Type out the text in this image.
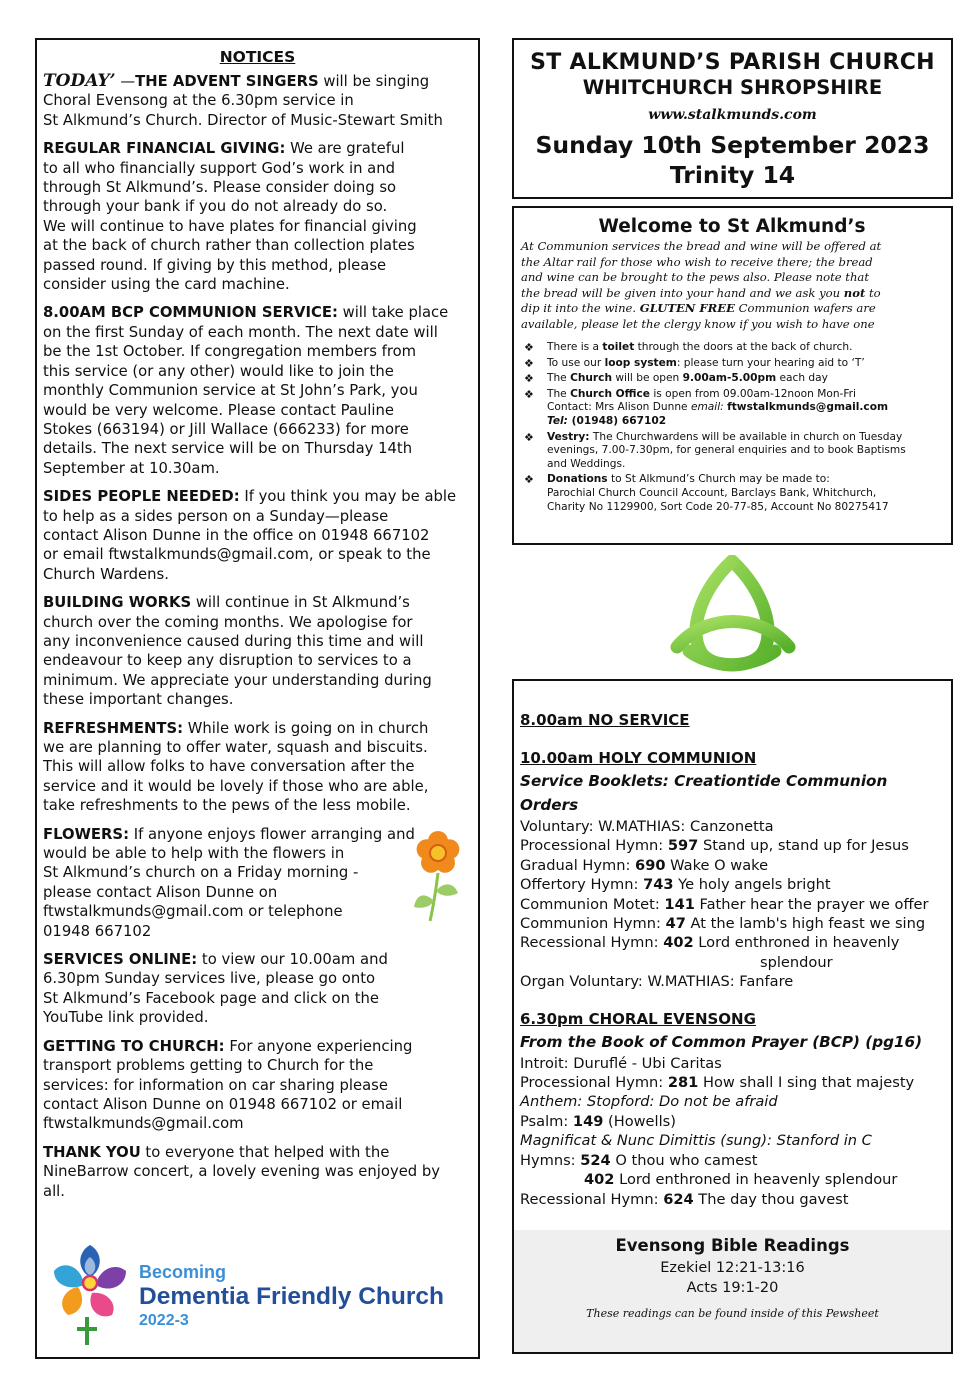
NOTICES
TODAY’ —THE ADVENT SINGERS will be singing
Choral Evensong at the 6.30pm service in
St Alkmund’s Church. Director of Music-Stewart Smith
REGULAR FINANCIAL GIVING: We are grateful
to all who financially support God’s work in and
through St Alkmund’s. Please consider doing so
through your bank if you do not already do so.
We will continue to have plates for financial giving
at the back of church rather than collection plates
passed round. If giving by this method, please
consider using the card machine.
8.00AM BCP COMMUNION SERVICE: will take place
on the first Sunday of each month. The next date will
be the 1st October. If congregation members from
this service (or any other) would like to join the
monthly Communion service at St John’s Park, you
would be very welcome. Please contact Pauline
Stokes (663194) or Jill Wallace (666233) for more
details. The next service will be on Thursday 14th
September at 10.30am.
SIDES PEOPLE NEEDED: If you think you may be able
to help as a sides person on a Sunday—please
contact Alison Dunne in the office on 01948 667102
or email ftwstalkmunds@gmail.com, or speak to the
Church Wardens.
BUILDING WORKS will continue in St Alkmund’s
church over the coming months. We apologise for
any inconvenience caused during this time and will
endeavour to keep any disruption to services to a
minimum. We appreciate your understanding during
these important changes.
REFRESHMENTS: While work is going on in church
we are planning to offer water, squash and biscuits.
This will allow folks to have conversation after the
service and it would be lovely if those who are able,
take refreshments to the pews of the less mobile.
FLOWERS: If anyone enjoys flower arranging and
would be able to help with the flowers in
St Alkmund’s church on a Friday morning -
please contact Alison Dunne on
ftwstalkmunds@gmail.com or telephone
01948 667102
SERVICES ONLINE: to view our 10.00am and
6.30pm Sunday services live, please go onto
St Alkmund’s Facebook page and click on the
YouTube link provided.
GETTING TO CHURCH: For anyone experiencing
transport problems getting to Church for the
services: for information on car sharing please
contact Alison Dunne on 01948 667102 or email
ftwstalkmunds@gmail.com
THANK YOU to everyone that helped with the
NineBarrow concert, a lovely evening was enjoyed by
all.
Becoming
Dementia Friendly Church
2022-3
ST ALKMUND’S PARISH CHURCH
WHITCHURCH SHROPSHIRE
www.stalkmunds.com
Sunday 10th September 2023
Trinity 14
Welcome to St Alkmund’s
At Communion services the bread and wine will be offered at
the Altar rail for those who wish to receive there; the bread
and wine can be brought to the pews also. Please note that
the bread will be given into your hand and we ask you not to
dip it into the wine. GLUTEN FREE Communion wafers are
available, please let the clergy know if you wish to have one
❖ There is a toilet through the doors at the back of church.
❖ To use our loop system: please turn your hearing aid to ‘T’
❖ The Church will be open 9.00am-5.00pm each day
❖ The Church Office is open from 09.00am-12noon Mon-Fri
Contact: Mrs Alison Dunne email: ftwstalkmunds@gmail.com
Tel: (01948) 667102
❖ Vestry: The Churchwardens will be available in church on Tuesday
evenings, 7.00-7.30pm, for general enquiries and to book Baptisms
and Weddings.
❖ Donations to St Alkmund’s Church may be made to:
Parochial Church Council Account, Barclays Bank, Whitchurch,
Charity No 1129900, Sort Code 20-77-85, Account No 80275417
8.00am NO SERVICE
10.00am HOLY COMMUNION
Service Booklets: Creationtide Communion Orders
Voluntary: W.MATHIAS: Canzonetta
Processional Hymn: 597 Stand up, stand up for Jesus
Gradual Hymn: 690 Wake O wake
Offertory Hymn: 743 Ye holy angels bright
Communion Motet: 141 Father hear the prayer we offer
Communion Hymn: 47 At the lamb's high feast we sing
Recessional Hymn: 402 Lord enthroned in heavenly
splendour
Organ Voluntary: W.MATHIAS: Fanfare
6.30pm CHORAL EVENSONG
From the Book of Common Prayer (BCP) (pg16)
Introit: Duruflé - Ubi Caritas
Processional Hymn: 281 How shall I sing that majesty
Anthem: Stopford: Do not be afraid
Psalm: 149 (Howells)
Magnificat & Nunc Dimittis (sung): Stanford in C
Hymns: 524 O thou who camest
402 Lord enthroned in heavenly splendour
Recessional Hymn: 624 The day thou gavest
Evensong Bible Readings
Ezekiel 12:21-13:16
Acts 19:1-20
These readings can be found inside of this Pewsheet
